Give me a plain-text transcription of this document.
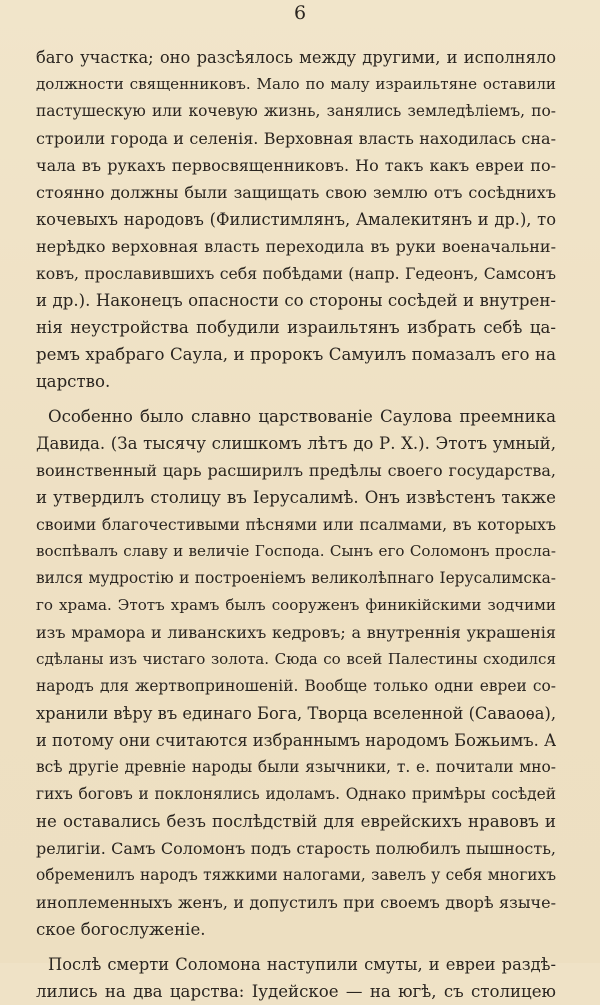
6
баго участка; оно разсѣялось между другими, и исполняло
должности священниковъ. Мало по малу израильтяне оставили
пастушескую или кочевую жизнь, занялись земледѣліемъ, по-
строили города и селенія. Верховная власть находилась сна-
чала въ рукахъ первосвященниковъ. Но такъ какъ евреи по-
стоянно должны были защищать свою землю отъ сосѣднихъ
кочевыхъ народовъ (Филистимлянъ, Амалекитянъ и др.), то
нерѣдко верховная власть переходила въ руки военачальни-
ковъ, прославившихъ себя побѣдами (напр. Гедеонъ, Самсонъ
и др.). Наконецъ опасности со стороны сосѣдей и внутрен-
нія неустройства побудили израильтянъ избрать себѣ ца-
ремъ храбраго Саула, и пророкъ Самуилъ помазалъ его на
царство.
Особенно было славно царствованіе Саулова преемника
Давида. (За тысячу слишкомъ лѣтъ до Р. Х.). Этотъ умный,
воинственный царь расширилъ предѣлы своего государства,
и утвердилъ столицу въ Іерусалимѣ. Онъ извѣстенъ также
своими благочестивыми пѣснями или псалмами, въ которыхъ
воспѣвалъ славу и величіе Господа. Сынъ его Соломонъ просла-
вился мудростію и построеніемъ великолѣпнаго Іерусалимска-
го храма. Этотъ храмъ былъ сооруженъ финикійскими зодчими
изъ мрамора и ливанскихъ кедровъ; а внутреннія украшенія
сдѣланы изъ чистаго золота. Сюда со всей Палестины сходился
народъ для жертвоприношеній. Вообще только одни евреи со-
хранили вѣру въ единаго Бога, Творца вселенной (Саваоѳа),
и потому они считаются избраннымъ народомъ Божьимъ. А
всѣ другіе древніе народы были язычники, т. е. почитали мно-
гихъ боговъ и поклонялись идоламъ. Однако примѣры сосѣдей
не оставались безъ послѣдствій для еврейскихъ нравовъ и
религіи. Самъ Соломонъ подъ старость полюбилъ пышность,
обременилъ народъ тяжкими налогами, завелъ у себя многихъ
иноплеменныхъ женъ, и допустилъ при своемъ дворѣ языче-
ское богослуженіе.
Послѣ смерти Соломона наступили смуты, и евреи раздѣ-
лились на два царства: Іудейское — на югѣ, съ столицею
